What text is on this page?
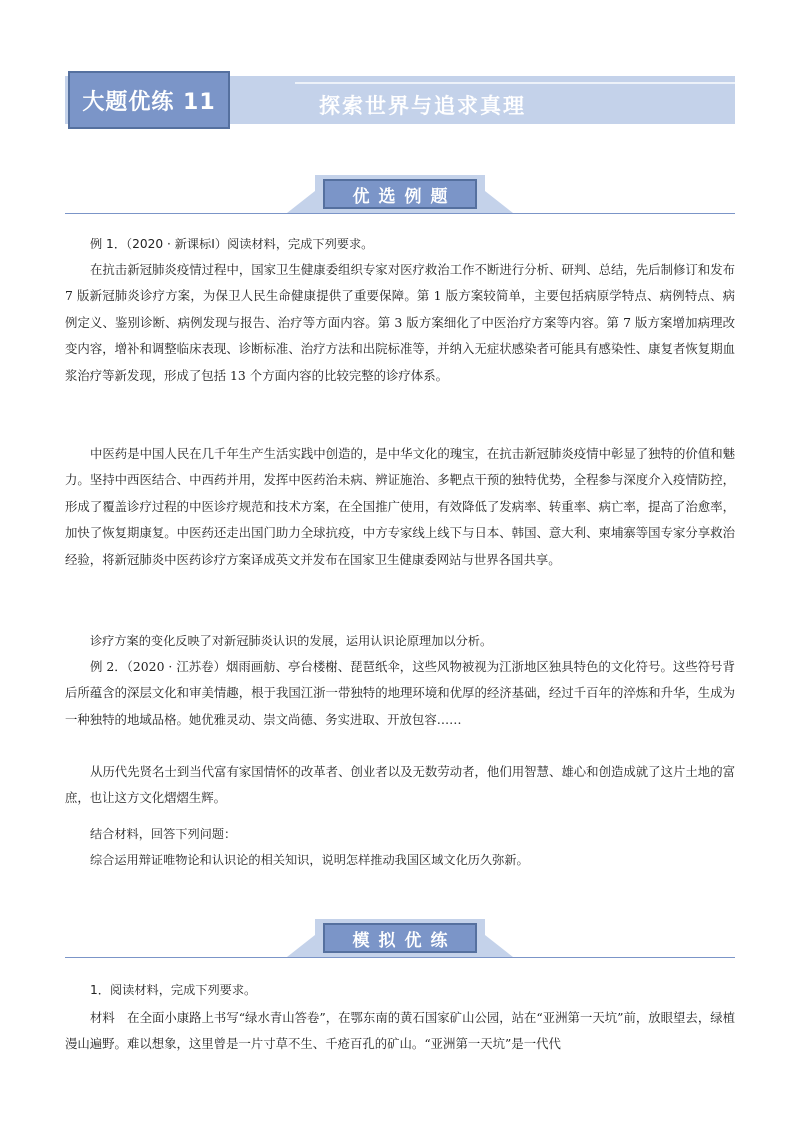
大题优练 11	探索世界与追求真理
优选例题

例 1．（2020 · 新课标Ⅰ）阅读材料，完成下列要求。

在抗击新冠肺炎疫情过程中，国家卫生健康委组织专家对医疗救治工作不断进行分析、研判、总结，先后制修订和发布 7 版新冠肺炎诊疗方案，为保卫人民生命健康提供了重要保障。第 1 版方案较简单，主要包括病原学特点、病例特点、病例定义、鉴别诊断、病例发现与报告、治疗等方面内容。第 3 版方案细化了中医治疗方案等内容。第 7 版方案增加病理改变内容，增补和调整临床表现、诊断标准、治疗方法和出院标准等，并纳入无症状感染者可能具有感染性、康复者恢复期血浆治疗等新发现，形成了包括 13 个方面内容的比较完整的诊疗体系。

中医药是中国人民在几千年生产生活实践中创造的，是中华文化的瑰宝，在抗击新冠肺炎疫情中彰显了独特的价值和魅力。坚持中西医结合、中西药并用，发挥中医药治未病、辨证施治、多靶点干预的独特优势，全程参与深度介入疫情防控，形成了覆盖诊疗过程的中医诊疗规范和技术方案，在全国推广使用，有效降低了发病率、转重率、病亡率，提高了治愈率，加快了恢复期康复。中医药还走出国门助力全球抗疫，中方专家线上线下与日本、韩国、意大利、柬埔寨等国专家分享救治经验，将新冠肺炎中医药诊疗方案译成英文并发布在国家卫生健康委网站与世界各国共享。

诊疗方案的变化反映了对新冠肺炎认识的发展，运用认识论原理加以分析。

例 2．（2020 · 江苏卷）烟雨画舫、亭台楼榭、琵琶纸伞，这些风物被视为江浙地区独具特色的文化符号。这些符号背后所蕴含的深层文化和审美情趣，根于我国江浙一带独特的地理环境和优厚的经济基础，经过千百年的淬炼和升华，生成为一种独特的地域品格。她优雅灵动、崇文尚德、务实进取、开放包容……

从历代先贤名士到当代富有家国情怀的改革者、创业者以及无数劳动者，他们用智慧、雄心和创造成就了这片土地的富庶，也让这方文化熠熠生辉。

结合材料，回答下列问题：

综合运用辩证唯物论和认识论的相关知识，说明怎样推动我国区域文化历久弥新。

模拟优练

1．阅读材料，完成下列要求。

材料　在全面小康路上书写“绿水青山答卷”，在鄂东南的黄石国家矿山公园，站在“亚洲第一天坑”前，放眼望去，绿植漫山遍野。难以想象，这里曾是一片寸草不生、千疮百孔的矿山。“亚洲第一天坑”是一代代
